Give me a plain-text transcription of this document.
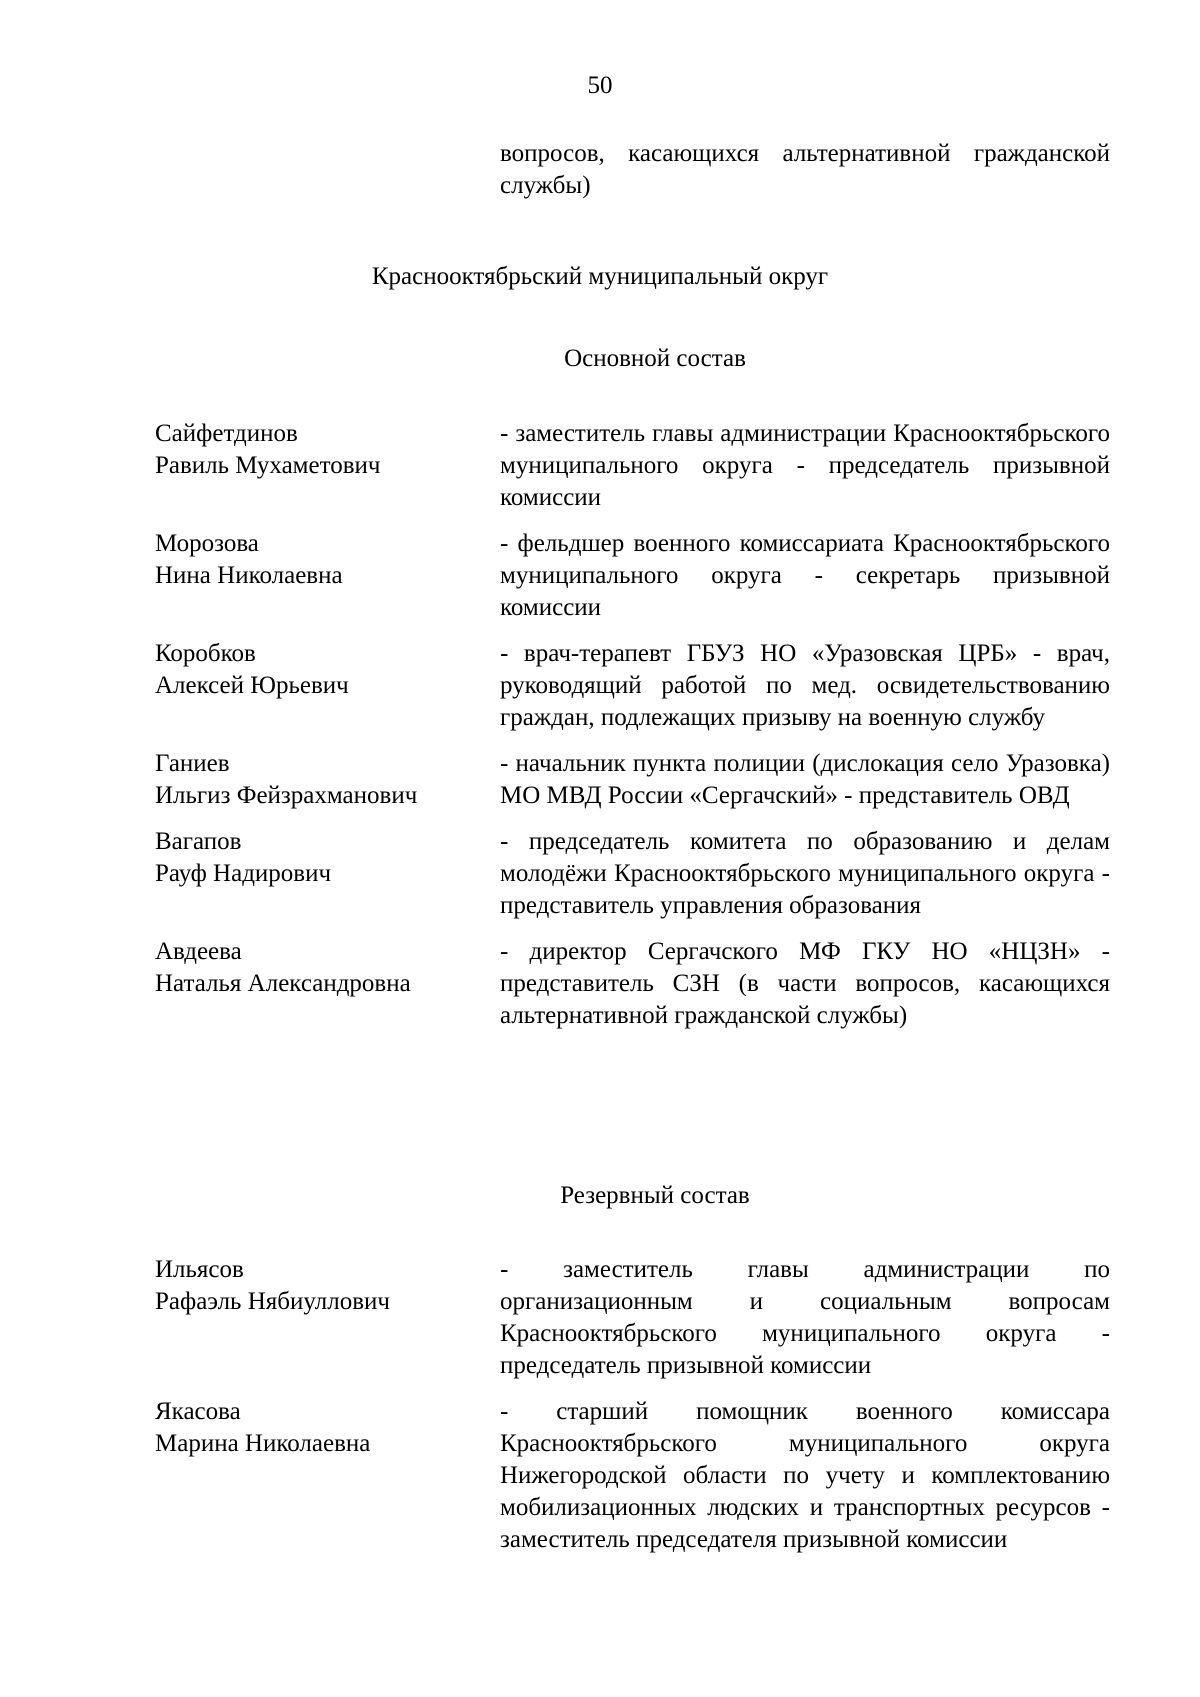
50
вопросов, касающихся альтернативной гражданской службы)
Краснооктябрьский муниципальный округ
Основной состав
Сайфетдинов
Равиль Мухаметович
- заместитель главы администрации Краснооктябрьского муниципального округа - председатель призывной комиссии
Морозова
Нина Николаевна
- фельдшер военного комиссариата Краснооктябрьского муниципального округа - секретарь призывной комиссии
Коробков
Алексей Юрьевич
- врач-терапевт ГБУЗ НО «Уразовская ЦРБ» - врач, руководящий работой по мед. освидетельствованию граждан, подлежащих призыву на военную службу
Ганиев
Ильгиз Фейзрахманович
- начальник пункта полиции (дислокация село Уразовка) МО МВД России «Сергачский» - представитель ОВД
Вагапов
Рауф Надирович
- председатель комитета по образованию и делам молодёжи Краснооктябрьского муниципального округа - представитель управления образования
Авдеева
Наталья Александровна
- директор Сергачского МФ ГКУ НО «НЦЗН» - представитель СЗН (в части вопросов, касающихся альтернативной гражданской службы)
Резервный состав
Ильясов
Рафаэль Нябиуллович
- заместитель главы администрации по организационным и социальным вопросам Краснооктябрьского муниципального округа - председатель призывной комиссии
Якасова
Марина Николаевна
- старший помощник военного комиссара Краснооктябрьского муниципального округа Нижегородской области по учету и комплектованию мобилизационных людских и транспортных ресурсов - заместитель председателя призывной комиссии
